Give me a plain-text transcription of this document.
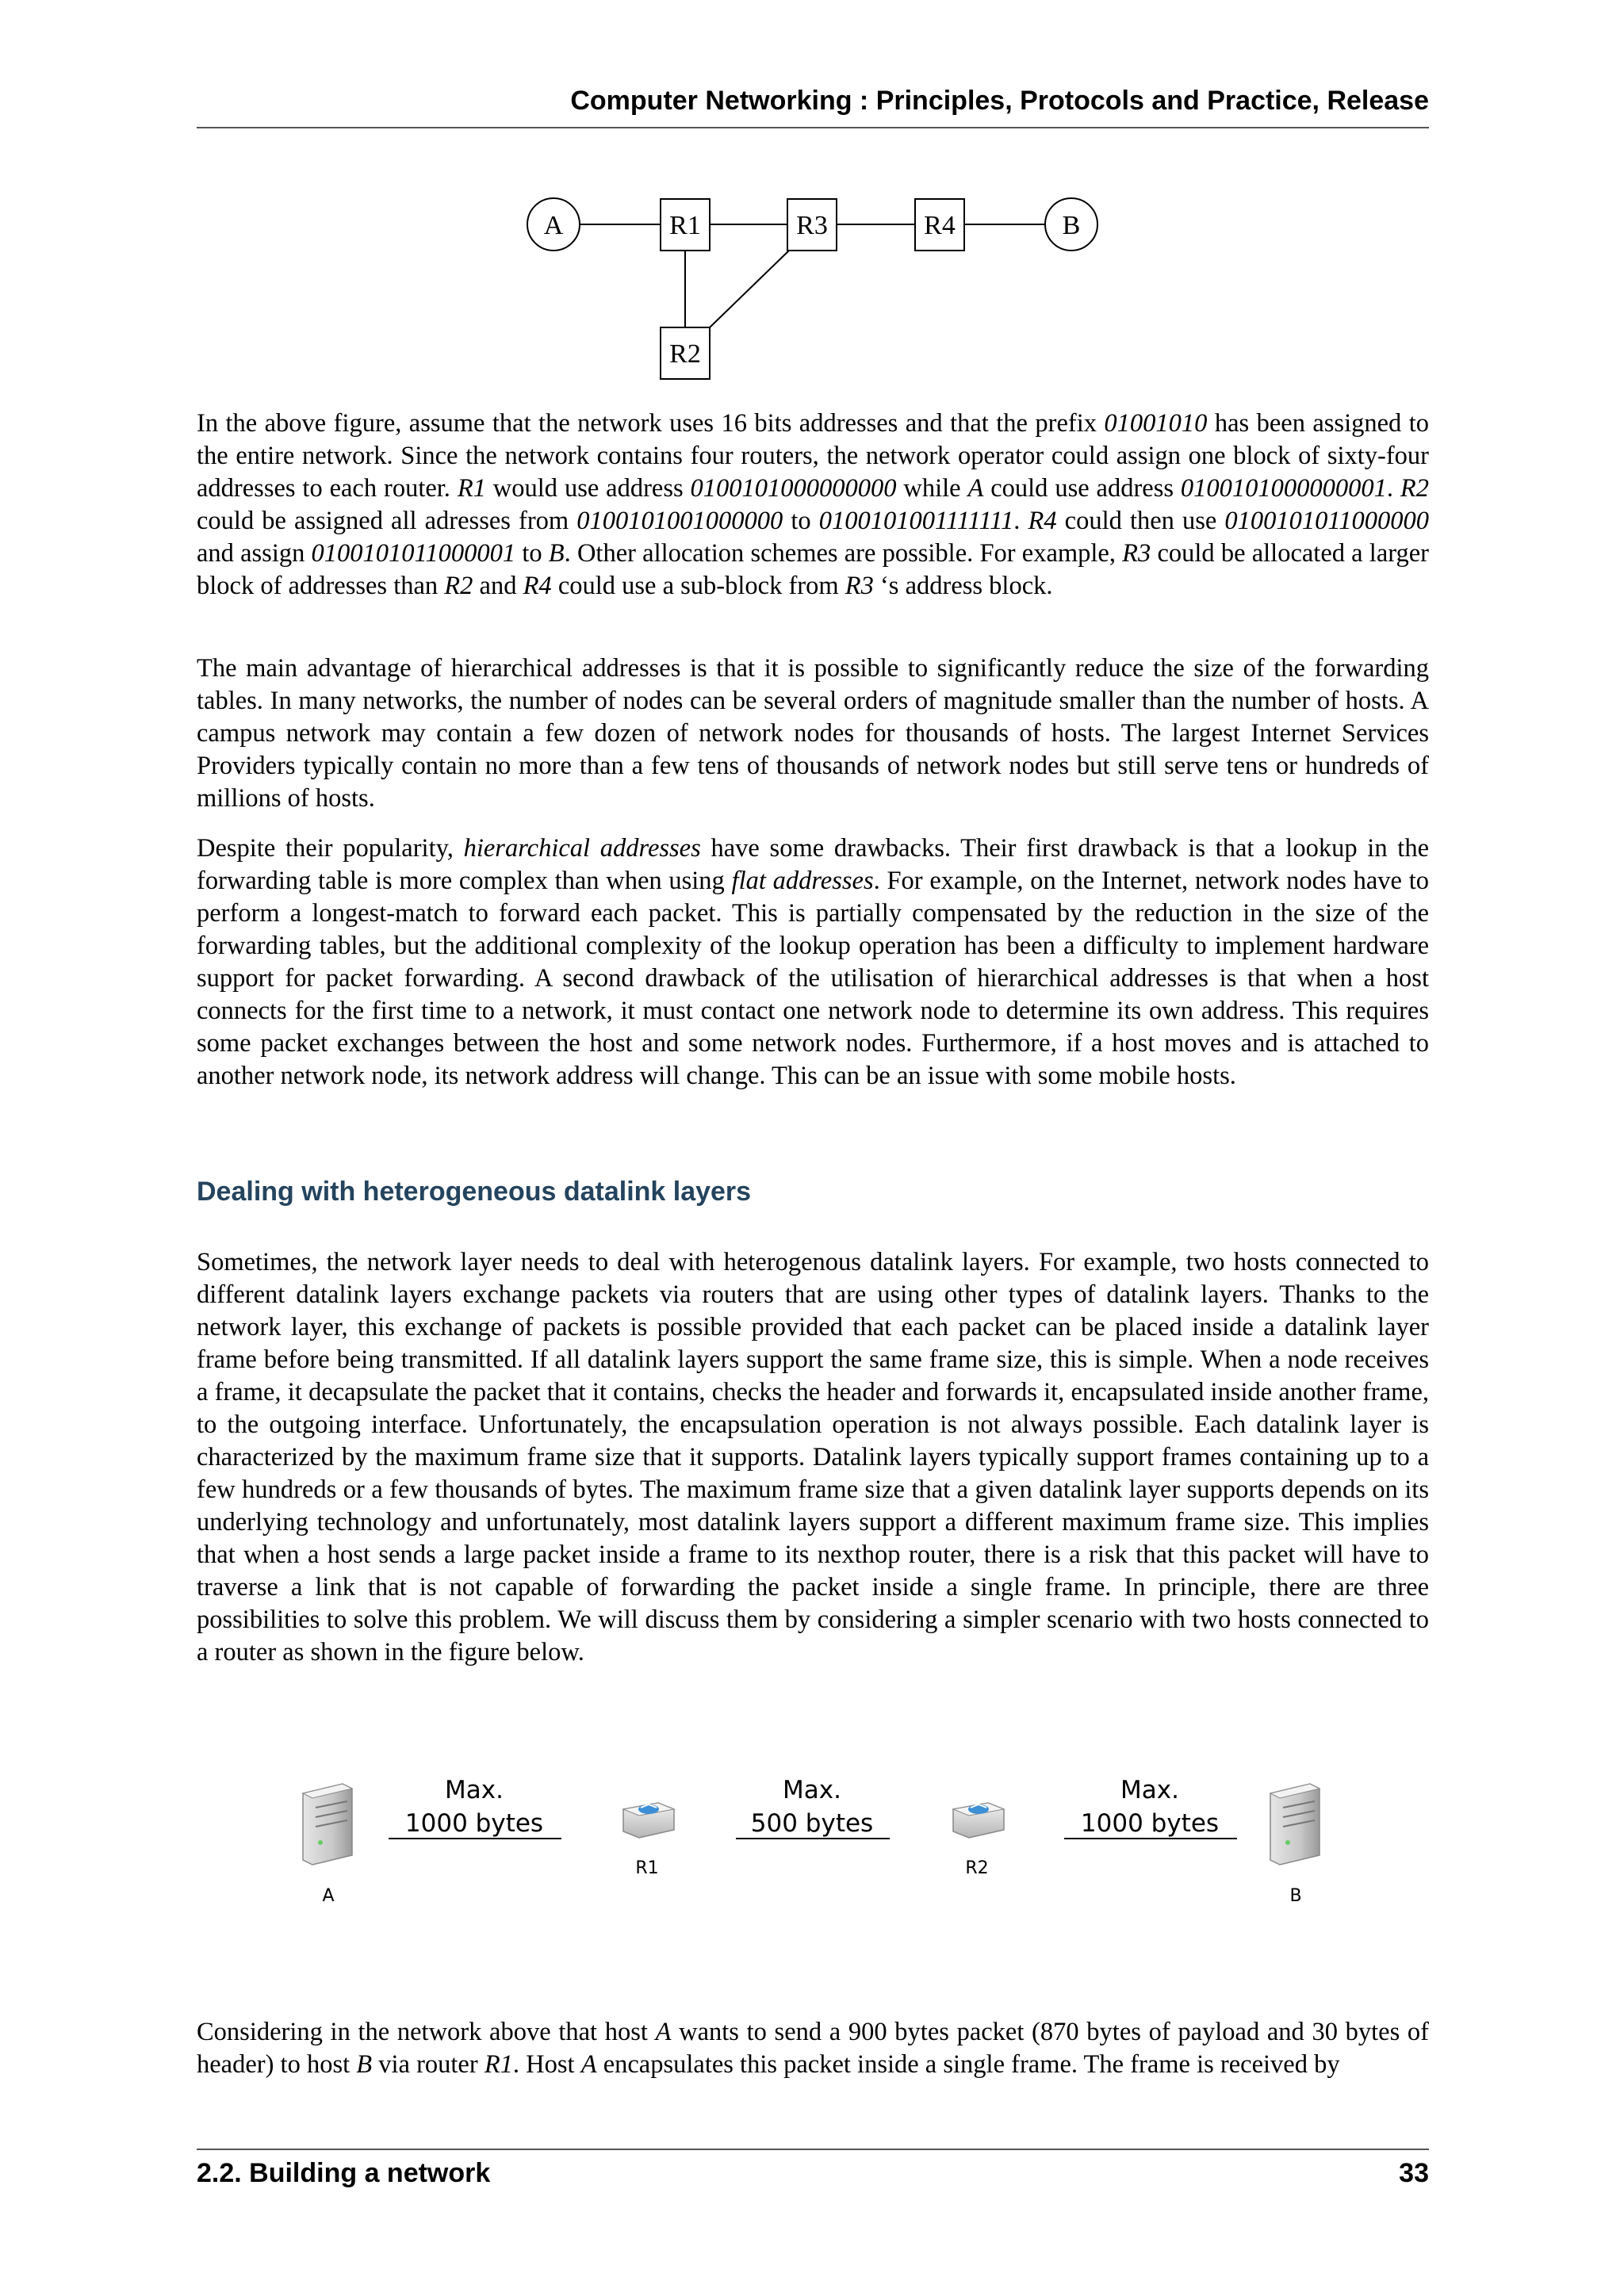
Computer Networking : Principles, Protocols and Practice, Release
A	R1	R3	R4	B
R2

In the above figure, assume that the network uses 16 bits addresses and that the prefix 01001010 has been assigned to the entire network. Since the network contains four routers, the network operator could assign one block of sixty-four addresses to each router. R1 would use address 0100101000000000 while A could use address 0100101000000001. R2 could be assigned all adresses from 0100101001000000 to 0100101001111111. R4 could then use 0100101011000000 and assign 0100101011000001 to B. Other allocation schemes are possible. For example, R3 could be allocated a larger block of addresses than R2 and R4 could use a sub-block from R3 ‘s address block.

The main advantage of hierarchical addresses is that it is possible to significantly reduce the size of the forwarding tables. In many networks, the number of nodes can be several orders of magnitude smaller than the number of hosts. A campus network may contain a few dozen of network nodes for thousands of hosts. The largest Internet Services Providers typically contain no more than a few tens of thousands of network nodes but still serve tens or hundreds of millions of hosts.

Despite their popularity, hierarchical addresses have some drawbacks. Their first drawback is that a lookup in the forwarding table is more complex than when using flat addresses. For example, on the Internet, network nodes have to perform a longest-match to forward each packet. This is partially compensated by the reduction in the size of the forwarding tables, but the additional complexity of the lookup operation has been a difficulty to implement hardware support for packet forwarding. A second drawback of the utilisation of hierarchical addresses is that when a host connects for the first time to a network, it must contact one network node to determine its own address. This requires some packet exchanges between the host and some network nodes. Furthermore, if a host moves and is attached to another network node, its network address will change. This can be an issue with some mobile hosts.

Dealing with heterogeneous datalink layers

Sometimes, the network layer needs to deal with heterogenous datalink layers. For example, two hosts connected to different datalink layers exchange packets via routers that are using other types of datalink layers. Thanks to the network layer, this exchange of packets is possible provided that each packet can be placed inside a datalink layer frame before being transmitted. If all datalink layers support the same frame size, this is simple. When a node receives a frame, it decapsulate the packet that it contains, checks the header and forwards it, encapsulated inside another frame, to the outgoing interface. Unfortunately, the encapsulation operation is not always possible. Each datalink layer is characterized by the maximum frame size that it supports. Datalink layers typically support frames containing up to a few hundreds or a few thousands of bytes. The maximum frame size that a given datalink layer supports depends on its underlying technology and unfortunately, most datalink layers support a different maximum frame size. This implies that when a host sends a large packet inside a frame to its nexthop router, there is a risk that this packet will have to traverse a link that is not capable of forwarding the packet inside a single frame. In principle, there are three possibilities to solve this problem. We will discuss them by considering a simpler scenario with two hosts connected to a router as shown in the figure below.

Max.
1000 bytes
Max.
500 bytes
Max.
1000 bytes
R1	R2
A	B

Considering in the network above that host A wants to send a 900 bytes packet (870 bytes of payload and 30 bytes of header) to host B via router R1. Host A encapsulates this packet inside a single frame. The frame is received by

2.2. Building a network	33
